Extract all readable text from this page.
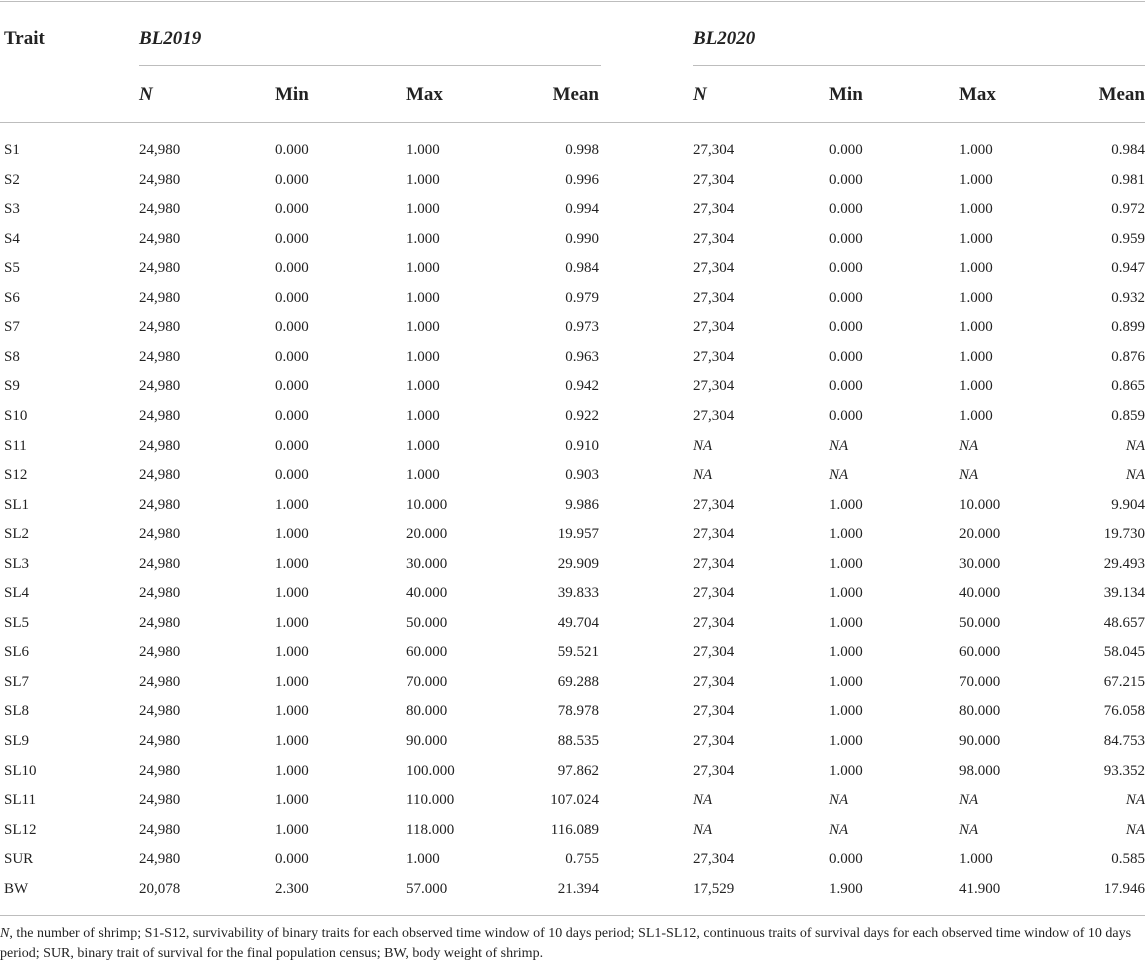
Trait	BL2019	BL2020
N	Min	Max	Mean	N	Min	Max	Mean
S1	24,980	0.000	1.000	0.998	27,304	0.000	1.000	0.984
S2	24,980	0.000	1.000	0.996	27,304	0.000	1.000	0.981
S3	24,980	0.000	1.000	0.994	27,304	0.000	1.000	0.972
S4	24,980	0.000	1.000	0.990	27,304	0.000	1.000	0.959
S5	24,980	0.000	1.000	0.984	27,304	0.000	1.000	0.947
S6	24,980	0.000	1.000	0.979	27,304	0.000	1.000	0.932
S7	24,980	0.000	1.000	0.973	27,304	0.000	1.000	0.899
S8	24,980	0.000	1.000	0.963	27,304	0.000	1.000	0.876
S9	24,980	0.000	1.000	0.942	27,304	0.000	1.000	0.865
S10	24,980	0.000	1.000	0.922	27,304	0.000	1.000	0.859
S11	24,980	0.000	1.000	0.910	NA	NA	NA	NA
S12	24,980	0.000	1.000	0.903	NA	NA	NA	NA
SL1	24,980	1.000	10.000	9.986	27,304	1.000	10.000	9.904
SL2	24,980	1.000	20.000	19.957	27,304	1.000	20.000	19.730
SL3	24,980	1.000	30.000	29.909	27,304	1.000	30.000	29.493
SL4	24,980	1.000	40.000	39.833	27,304	1.000	40.000	39.134
SL5	24,980	1.000	50.000	49.704	27,304	1.000	50.000	48.657
SL6	24,980	1.000	60.000	59.521	27,304	1.000	60.000	58.045
SL7	24,980	1.000	70.000	69.288	27,304	1.000	70.000	67.215
SL8	24,980	1.000	80.000	78.978	27,304	1.000	80.000	76.058
SL9	24,980	1.000	90.000	88.535	27,304	1.000	90.000	84.753
SL10	24,980	1.000	100.000	97.862	27,304	1.000	98.000	93.352
SL11	24,980	1.000	110.000	107.024	NA	NA	NA	NA
SL12	24,980	1.000	118.000	116.089	NA	NA	NA	NA
SUR	24,980	0.000	1.000	0.755	27,304	0.000	1.000	0.585
BW	20,078	2.300	57.000	21.394	17,529	1.900	41.900	17.946
N, the number of shrimp; S1-S12, survivability of binary traits for each observed time window of 10 days period; SL1-SL12, continuous traits of survival days for each observed time window of 10 days period; SUR, binary trait of survival for the final population census; BW, body weight of shrimp.
